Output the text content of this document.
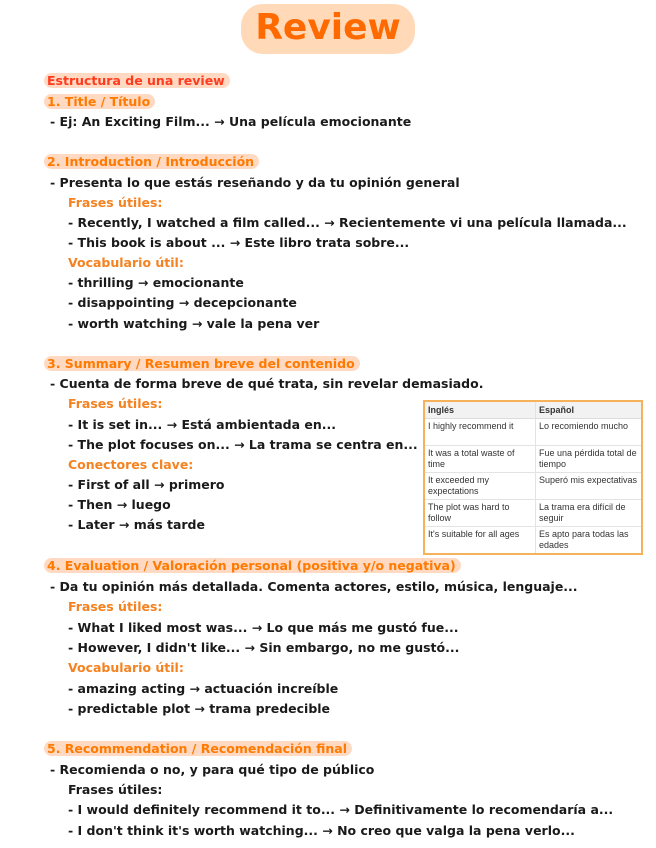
Review
Estructura de una review
1. Title / Título
- Ej: An Exciting Film... → Una película emocionante
2. Introduction / Introducción
- Presenta lo que estás reseñando y da tu opinión general
Frases útiles:
- Recently, I watched a film called... → Recientemente vi una película llamada...
- This book is about ... → Este libro trata sobre...
Vocabulario útil:
- thrilling → emocionante
- disappointing → decepcionante
- worth watching → vale la pena ver
3. Summary / Resumen breve del contenido
- Cuenta de forma breve de qué trata, sin revelar demasiado.
Frases útiles:
- It is set in... → Está ambientada en...
- The plot focuses on... → La trama se centra en...
Conectores clave:
- First of all → primero
- Then → luego
- Later → más tarde
Inglés	Español
I highly recommend it	Lo recomiendo mucho
It was a total waste of time	Fue una pérdida total de tiempo
It exceeded my expectations	Superó mis expectativas
The plot was hard to follow	La trama era difícil de seguir
It's suitable for all ages	Es apto para todas las edades
4. Evaluation / Valoración personal (positiva y/o negativa)
- Da tu opinión más detallada. Comenta actores, estilo, música, lenguaje...
Frases útiles:
- What I liked most was... → Lo que más me gustó fue...
- However, I didn't like... → Sin embargo, no me gustó...
Vocabulario útil:
- amazing acting → actuación increíble
- predictable plot → trama predecible
5. Recommendation / Recomendación final
- Recomienda o no, y para qué tipo de público
Frases útiles:
- I would definitely recommend it to... → Definitivamente lo recomendaría a...
- I don't think it's worth watching... → No creo que valga la pena verlo...
